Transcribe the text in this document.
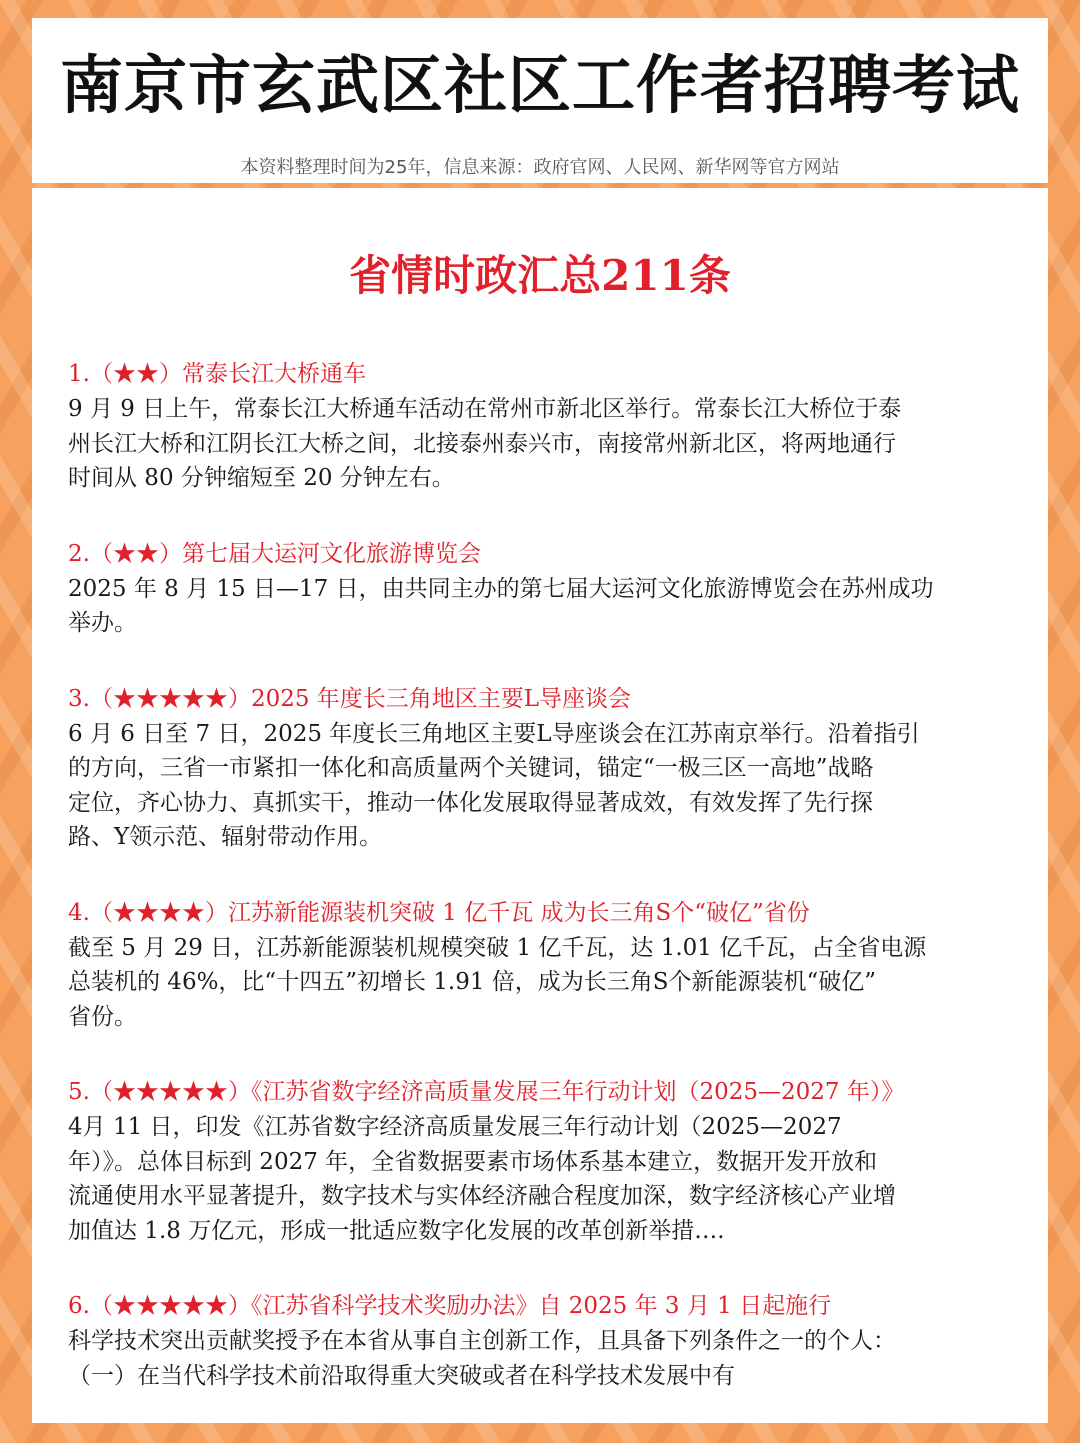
南京市玄武区社区工作者招聘考试
本资料整理时间为25年，信息来源：政府官网、人民网、新华网等官方网站
省情时政汇总211条
1.（★★）常泰长江大桥通车
9 月 9 日上午，常泰长江大桥通车活动在常州市新北区举行。常泰长江大桥位于泰
州长江大桥和江阴长江大桥之间，北接泰州泰兴市，南接常州新北区，将两地通行
时间从 80 分钟缩短至 20 分钟左右。
2.（★★）第七届大运河文化旅游博览会
2025 年 8 月 15 日—17 日，由共同主办的第七届大运河文化旅游博览会在苏州成功
举办。
3.（★★★★★）2025 年度长三角地区主要L导座谈会
6 月 6 日至 7 日，2025 年度长三角地区主要L导座谈会在江苏南京举行。沿着指引
的方向，三省一市紧扣一体化和高质量两个关键词，锚定“一极三区一高地”战略
定位，齐心协力、真抓实干，推动一体化发展取得显著成效，有效发挥了先行探
路、Y领示范、辐射带动作用。
4.（★★★★）江苏新能源装机突破 1 亿千瓦 成为长三角S个“破亿”省份
截至 5 月 29 日，江苏新能源装机规模突破 1 亿千瓦，达 1.01 亿千瓦，占全省电源
总装机的 46%，比“十四五”初增长 1.91 倍，成为长三角S个新能源装机“破亿”
省份。
5.（★★★★★）《江苏省数字经济高质量发展三年行动计划（2025—2027 年）》
4月 11 日，印发《江苏省数字经济高质量发展三年行动计划（2025—2027
年）》。总体目标到 2027 年，全省数据要素市场体系基本建立，数据开发开放和
流通使用水平显著提升，数字技术与实体经济融合程度加深，数字经济核心产业增
加值达 1.8 万亿元，形成一批适应数字化发展的改革创新举措….
6.（★★★★★）《江苏省科学技术奖励办法》自 2025 年 3 月 1 日起施行
科学技术突出贡献奖授予在本省从事自主创新工作，且具备下列条件之一的个人：
（一）在当代科学技术前沿取得重大突破或者在科学技术发展中有
